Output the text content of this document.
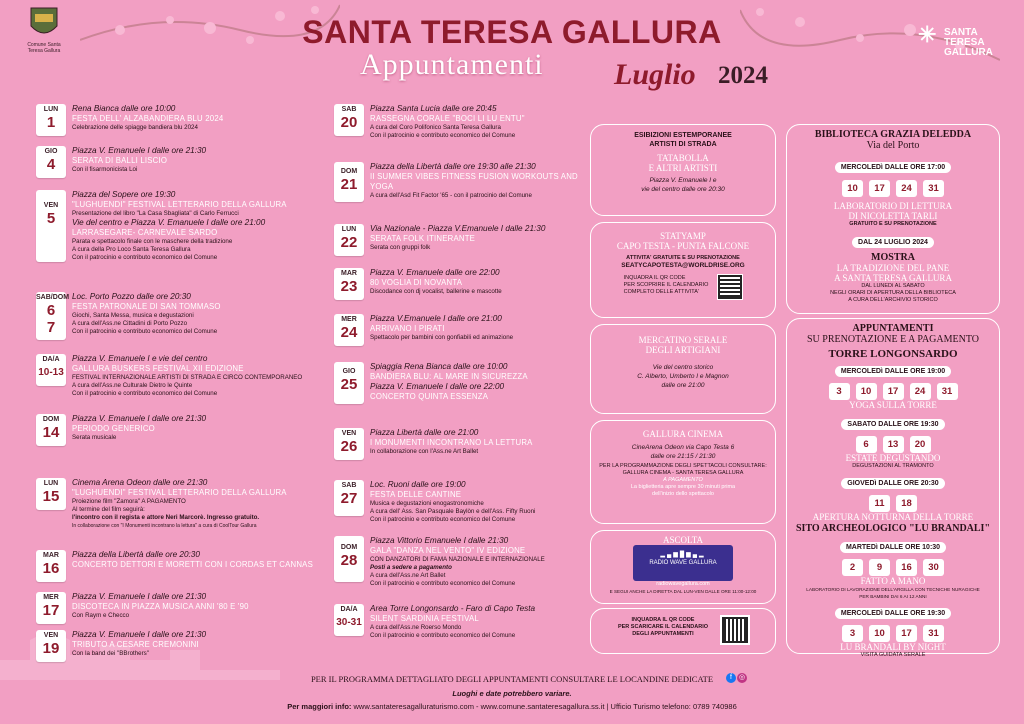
Comune Santa Teresa Gallura
✳ SANTA
TERESA
GALLURA
SANTA TERESA GALLURA
Appuntamenti Luglio 2024
LUN
1
Rena Bianca dalle ore 10:00
FESTA DELL' ALZABANDIERA BLU 2024
Celebrazione delle spiagge bandiera blu 2024
GIO
4
Piazza V. Emanuele I dalle ore 21:30
SERATA DI BALLI LISCIO
Con il fisarmonicista Loi
VEN
5
Piazza del Sopere ore 19:30
"LUGHUENDI" FESTIVAL LETTERARIO DELLA GALLURA
Presentazione del libro "La Casa Sbagliata" di Carlo Ferrucci
Vie del centro e Piazza V. Emanuele I dalle ore 21:00
LARRASEGARE- CARNEVALE SARDO
Parata e spettacolo finale con le maschere della tradizione
A cura della Pro Loco Santa Teresa Gallura
Con il patrocinio e contributo economico del Comune
SAB/DOM
6
7
Loc. Porto Pozzo dalle ore 20:30
FESTA PATRONALE DI SAN TOMMASO
Giochi, Santa Messa, musica e degustazioni
A cura dell'Ass.ne Cittadini di Porto Pozzo
Con il patrocinio e contributo economico del Comune
DA/A
10-13
Piazza V. Emanuele I e vie del centro
GALLURA BUSKERS FESTIVAL XII EDIZIONE
FESTIVAL INTERNAZIONALE ARTISTI DI STRADA E CIRCO CONTEMPORANEO
A cura dell'Ass.ne Culturale Dietro le Quinte
Con il patrocinio e contributo economico del Comune
DOM
14
Piazza V. Emanuele I dalle ore 21:30
PERIODO GENERICO
Serata musicale
LUN
15
Cinema Arena Odeon dalle ore 21:30
"LUGHUENDI" FESTIVAL LETTERARIO DELLA GALLURA
Proiezione film "Zamora" A PAGAMENTO
Al termine del film seguirà:
l'incontro con il regista e attore Neri Marcorè. Ingresso gratuito.
In collaborazione con "I Monumenti incontrano la lettura" a cura di CoolTour Gallura
MAR
16
Piazza della Libertà dalle ore 20:30
CONCERTO DETTORI E MORETTI CON I CORDAS ET CANNAS
MER
17
Piazza V. Emanuele I dalle ore 21:30
DISCOTECA IN PIAZZA MUSICA ANNI '80 E '90
Con Raym e Checco
VEN
19
Piazza V. Emanuele I dalle ore 21:30
TRIBUTO A CESARE CREMONINI
Con la band dei "BBrothers"
SAB
20
Piazza Santa Lucia dalle ore 20:45
RASSEGNA CORALE "BOCI LI LU ENTU"
A cura del Coro Polifonico Santa Teresa Gallura
Con il patrocinio e contributo economico del Comune
DOM
21
Piazza della Libertà dalle ore 19:30 alle 21:30
II SUMMER VIBES FITNESS FUSION WORKOUTS AND YOGA
A cura dell'Asd Fit Factor '65 - con il patrocinio del Comune
LUN
22
Via Nazionale - Piazza V.Emanuele I dalle 21:30
SERATA FOLK ITINERANTE
Serata con gruppi folk
MAR
23
Piazza V. Emanuele dalle ore 22:00
80 VOGLIA DI NOVANTA
Discodance con dj vocalist, ballerine e mascotte
MER
24
Piazza V.Emanuele I dalle ore 21:00
ARRIVANO I PIRATI
Spettacolo per bambini con gonfiabili ed animazione
GIO
25
Spiaggia Rena Bianca dalle ore 10:00
BANDIERA BLU: AL MARE IN SICUREZZA
Piazza V. Emanuele I dalle ore 22:00
CONCERTO QUINTA ESSENZA
VEN
26
Piazza Libertà dalle ore 21:00
I MONUMENTI INCONTRANO LA LETTURA
In collaborazione con l'Ass.ne Art Ballet
SAB
27
Loc. Ruoni dalle ore 19:00
FESTA DELLE CANTINE
Musica e degustazioni enogastronomiche
A cura dell' Ass. San Pasquale Baylòn e dell'Ass. Fifty Ruoni
Con il patrocinio e contributo economico del Comune
DOM
28
Piazza Vittorio Emanuele I dalle 21:30
GALA "DANZA NEL VENTO" IV EDIZIONE
CON DANZATORI DI FAMA NAZIONALE E INTERNAZIONALE
Posti a sedere a pagamento
A cura dell'Ass.ne Art Ballet
Con il patrocinio e contributo economico del Comune
DA/A
30-31
Area Torre Longonsardo - Faro di Capo Testa
SILENT SARDINIA FESTIVAL
A cura dell'Ass.ne Roerso Mondo
Con il patrocinio e contributo economico del Comune
ESIBIZIONI ESTEMPORANEE
ARTISTI DI STRADA
TATABOLLA
E ALTRI ARTISTI
Piazza V. Emanuele I e
vie del centro dalle ore 20:30
STATYAMP
CAPO TESTA - PUNTA FALCONE
ATTIVITA' GRATUITE E SU PRENOTAZIONE
SEATYCAPOTESTA@WORLDRISE.ORG
INQUADRA IL QR CODE
PER SCOPRIRE IL CALENDARIO
COMPLETO DELLE ATTIVITA'
MERCATINO SERALE
DEGLI ARTIGIANI
Vie del centro storico
C. Alberto, Umberto I e Magnon
dalle ore 21:00
GALLURA CINEMA
CineArena Odeon via Capo Testa 6
dalle ore 21:15 / 21:30
PER LA PROGRAMMAZIONE DEGLI SPETTACOLI CONSULTARE:
GALLURA CINEMA - SANTA TERESA GALLURA
A PAGAMENTO
La biglietteria apre sempre 30 minuti prima
dell'inizio dello spettacolo
ASCOLTA
▂▄▆█▆▄▂
RADIO WAVE GALLURA
radiowavegallura.com
E SEGUI ANCHE LA DIRETTA DAL LUN-VEN DALLE ORE 11:00-12:00
INQUADRA IL QR CODE
PER SCARICARE IL CALENDARIO
DEGLI APPUNTAMENTI
BIBLIOTECA GRAZIA DELEDDA
Via del Porto
MERCOLEDì DALLE ORE 17:00
10 17 24 31
LABORATORIO DI LETTURA
DI NICOLETTA TARLI
GRATUITO E SU PRENOTAZIONE
DAL 24 LUGLIO 2024
MOSTRA
LA TRADIZIONE DEL PANE
A SANTA TERESA GALLURA
DAL LUNEDì AL SABATO
NEGLI ORARI DI APERTURA DELLA BIBLIOTECA
A CURA DELL'ARCHIVIO STORICO
APPUNTAMENTI
SU PRENOTAZIONE E A PAGAMENTO
TORRE LONGONSARDO
MERCOLEDì DALLE ORE 19:00
3 10 17 24 31
YOGA SULLA TORRE
SABATO DALLE ORE 19:30
6 13 20
ESTATE DEGUSTANDO
DEGUSTAZIONI AL TRAMONTO
GIOVEDì DALLE ORE 20:30
11 18
APERTURA NOTTURNA DELLA TORRE
SITO ARCHEOLOGICO "LU BRANDALI"
MARTEDì DALLE ORE 10:30
2 9 16 30
FATTO A MANO
LABORATORIO DI LAVORAZIONE DELL'ARGILLA CON TECNICHE NURAGICHE
PER BAMBINI DAI 6 AI 12 ANNI
MERCOLEDì DALLE ORE 19:30
3 10 17 31
LU BRANDALI BY NIGHT
VISITA GUIDATA SERALE
PER IL PROGRAMMA DETTAGLIATO DEGLI APPUNTAMENTI CONSULTARE LE LOCANDINE DEDICATE	f ◎
Luoghi e date potrebbero variare.
Per maggiori info: www.santateresagalluraturismo.com - www.comune.santateresagallura.ss.it | Ufficio Turismo telefono: 0789 740986
